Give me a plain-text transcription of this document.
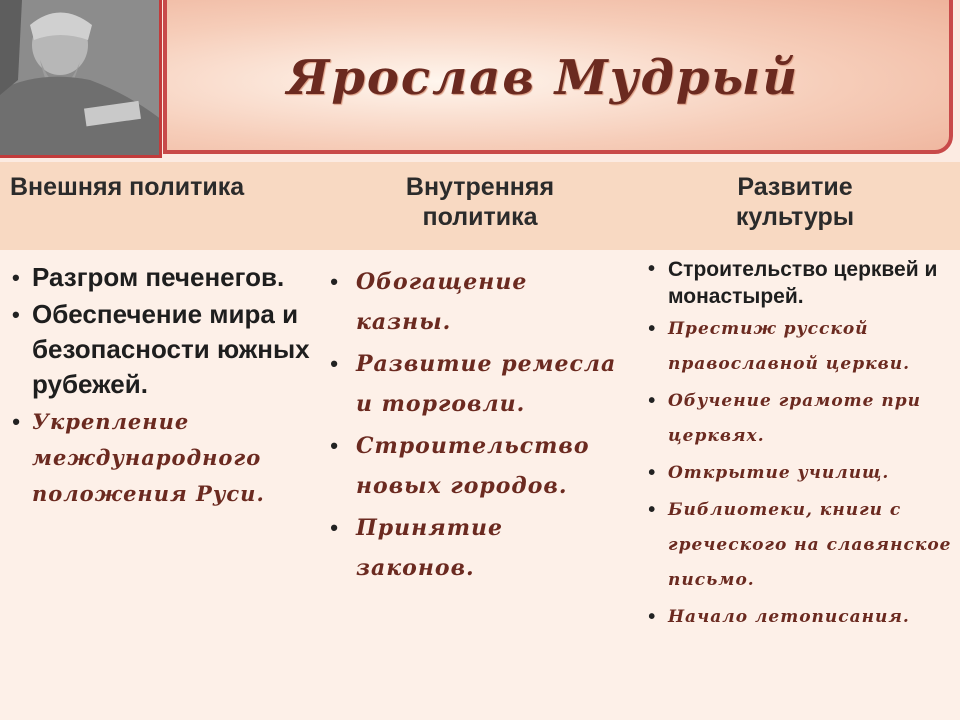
Ярослав Мудрый
Внешняя политика	Внутренняя политика
Развитие культуры
• Разгром печенегов.
• Обеспечение мира и безопасности южных рубежей.
• Укрепление международного положения Руси.
• Обогащение казны.
• Развитие ремесла и торговли.
• Строительство новых городов.
• Принятие законов.
• Строительство церквей и монастырей.
• Престиж русской православной церкви.
• Обучение грамоте при церквях.
• Открытие училищ.
• Библиотеки, книги с греческого на славянское письмо.
• Начало летописания.
